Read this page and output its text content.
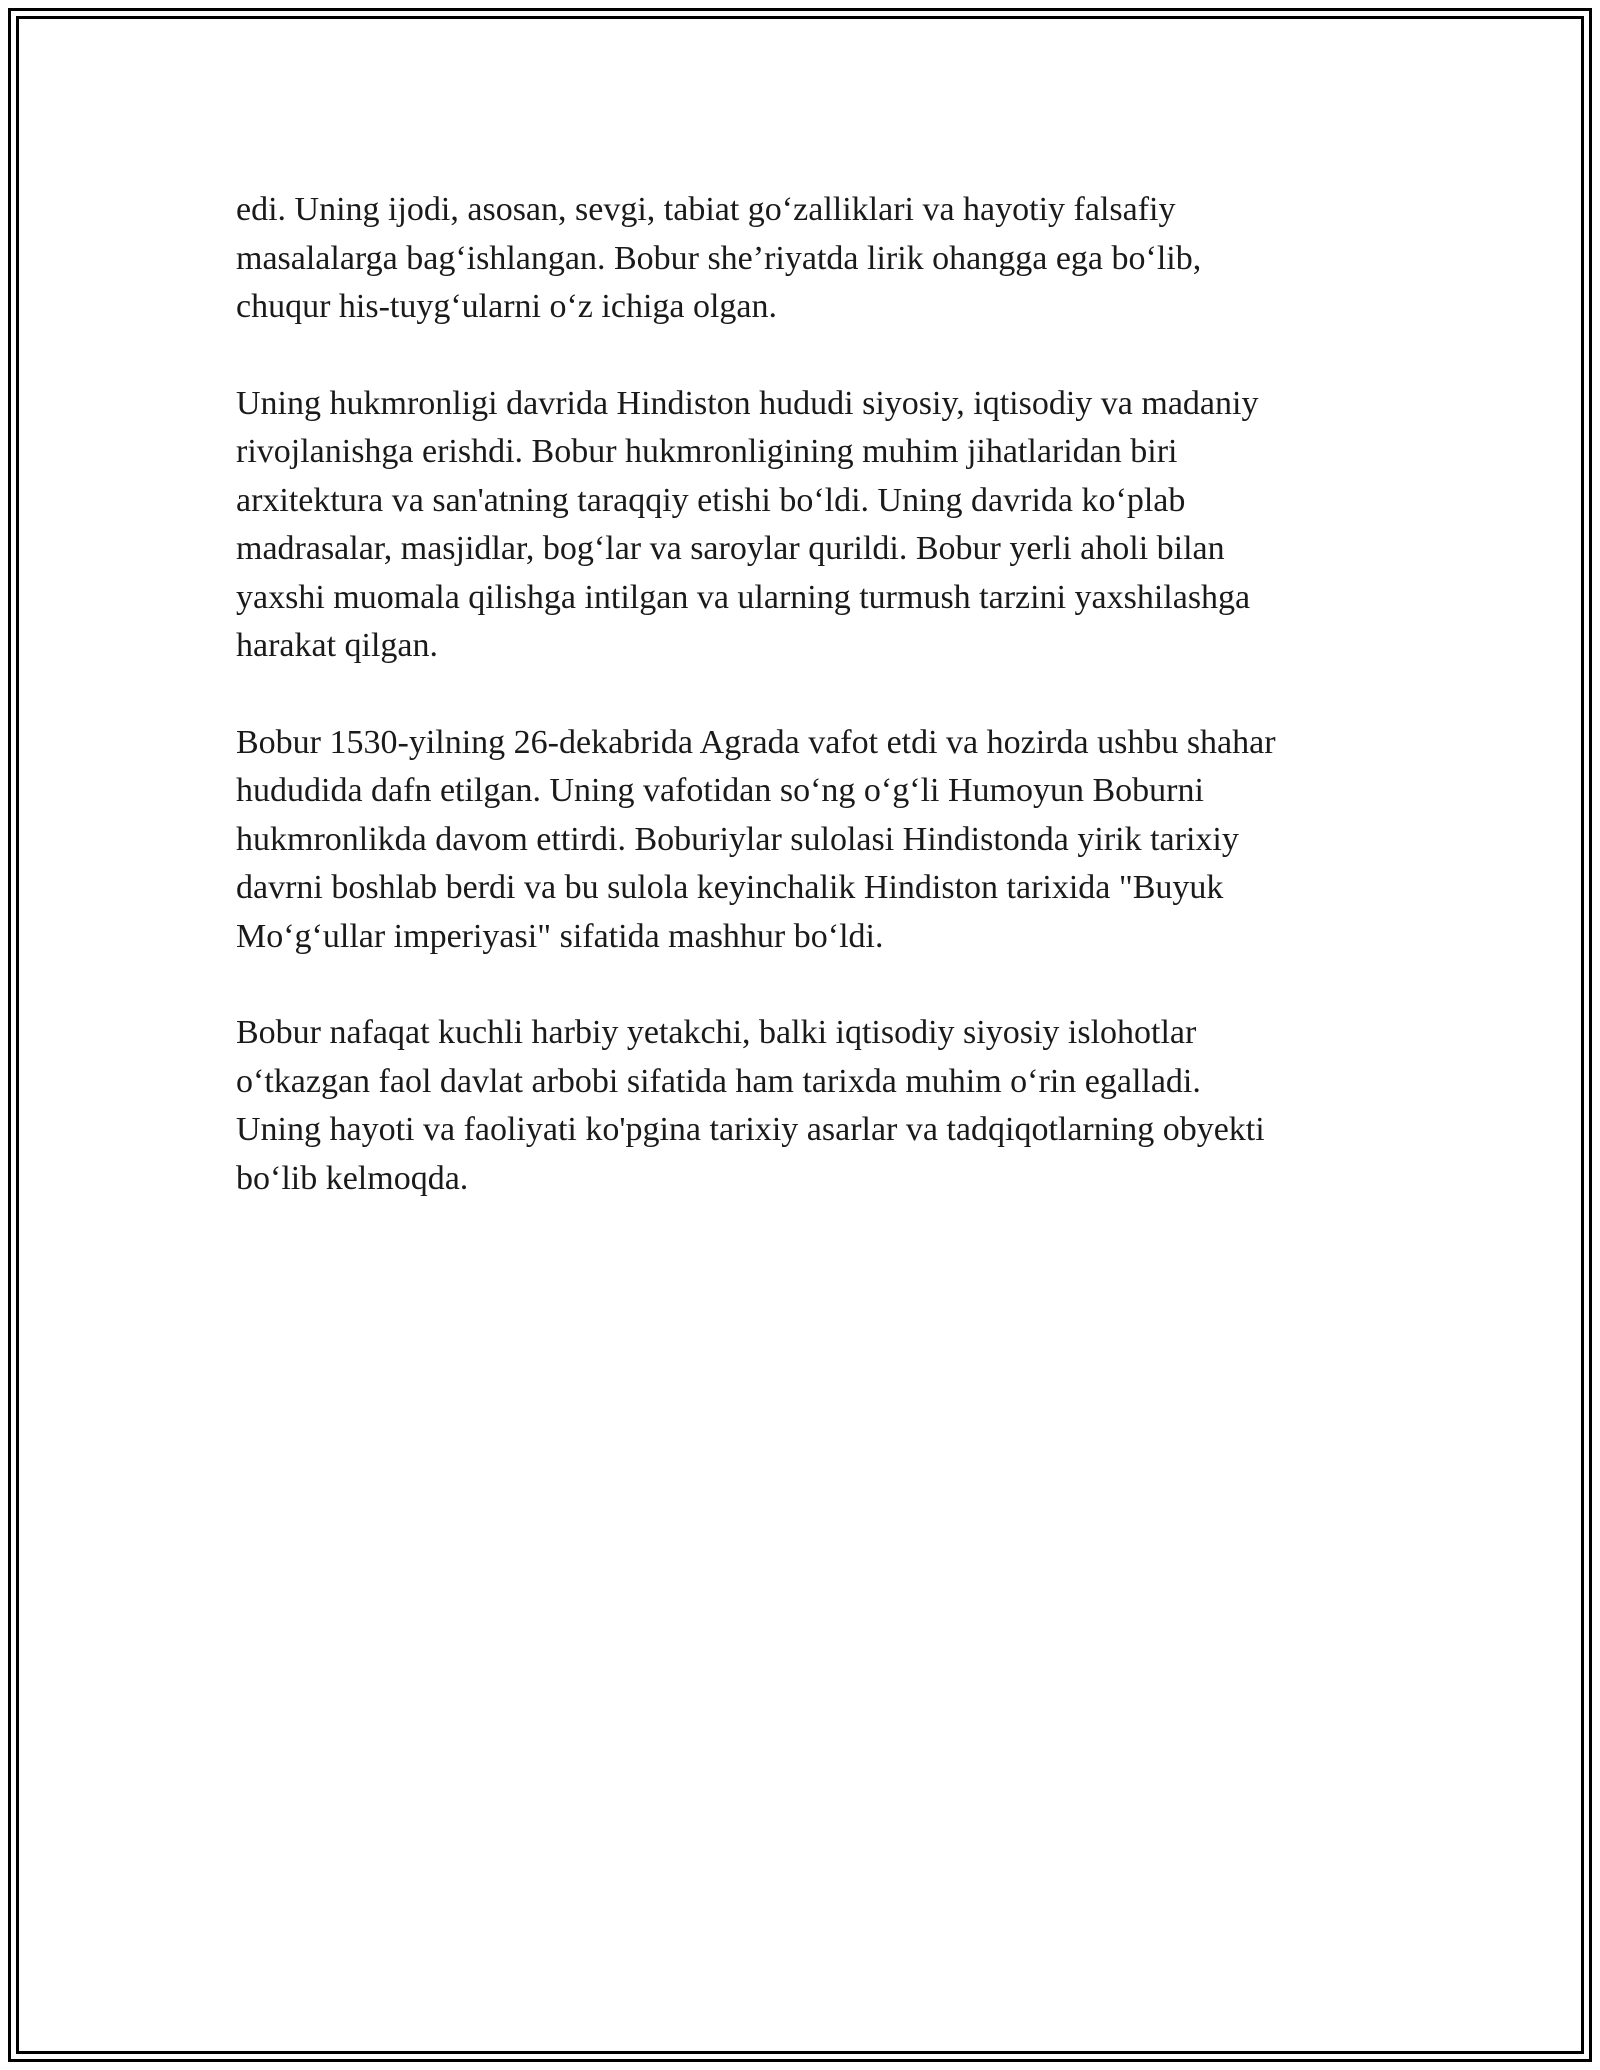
edi. Uning ijodi, asosan, sevgi, tabiat go‘zalliklari va hayotiy falsafiy
masalalarga bag‘ishlangan. Bobur she’riyatda lirik ohangga ega bo‘lib,
chuqur his-tuyg‘ularni o‘z ichiga olgan.

Uning hukmronligi davrida Hindiston hududi siyosiy, iqtisodiy va madaniy
rivojlanishga erishdi. Bobur hukmronligining muhim jihatlaridan biri
arxitektura va san'atning taraqqiy etishi bo‘ldi. Uning davrida ko‘plab
madrasalar, masjidlar, bog‘lar va saroylar qurildi. Bobur yerli aholi bilan
yaxshi muomala qilishga intilgan va ularning turmush tarzini yaxshilashga
harakat qilgan.

Bobur 1530-yilning 26-dekabrida Agrada vafot etdi va hozirda ushbu shahar
hududida dafn etilgan. Uning vafotidan so‘ng o‘g‘li Humoyun Boburni
hukmronlikda davom ettirdi. Boburiylar sulolasi Hindistonda yirik tarixiy
davrni boshlab berdi va bu sulola keyinchalik Hindiston tarixida "Buyuk
Mo‘g‘ullar imperiyasi" sifatida mashhur bo‘ldi.

Bobur nafaqat kuchli harbiy yetakchi, balki iqtisodiy siyosiy islohotlar
o‘tkazgan faol davlat arbobi sifatida ham tarixda muhim o‘rin egalladi.
Uning hayoti va faoliyati ko'pgina tarixiy asarlar va tadqiqotlarning obyekti
bo‘lib kelmoqda.
